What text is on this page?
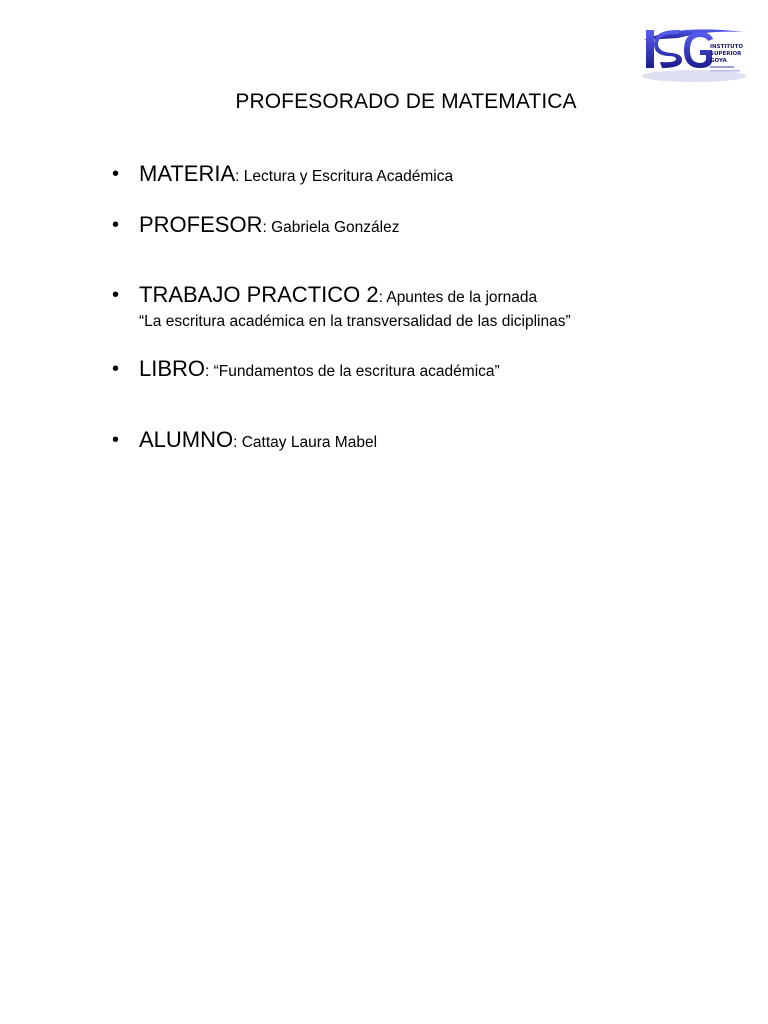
INSTITUTO
SUPERIOR
GOYA
PROFESORADO DE MATEMATICA
• MATERIA: Lectura y Escritura Académica
• PROFESOR: Gabriela González
• TRABAJO PRACTICO 2: Apuntes de la jornada
“La escritura académica en la transversalidad de las diciplinas”
• LIBRO: “Fundamentos de la escritura académica”
• ALUMNO: Cattay Laura Mabel
